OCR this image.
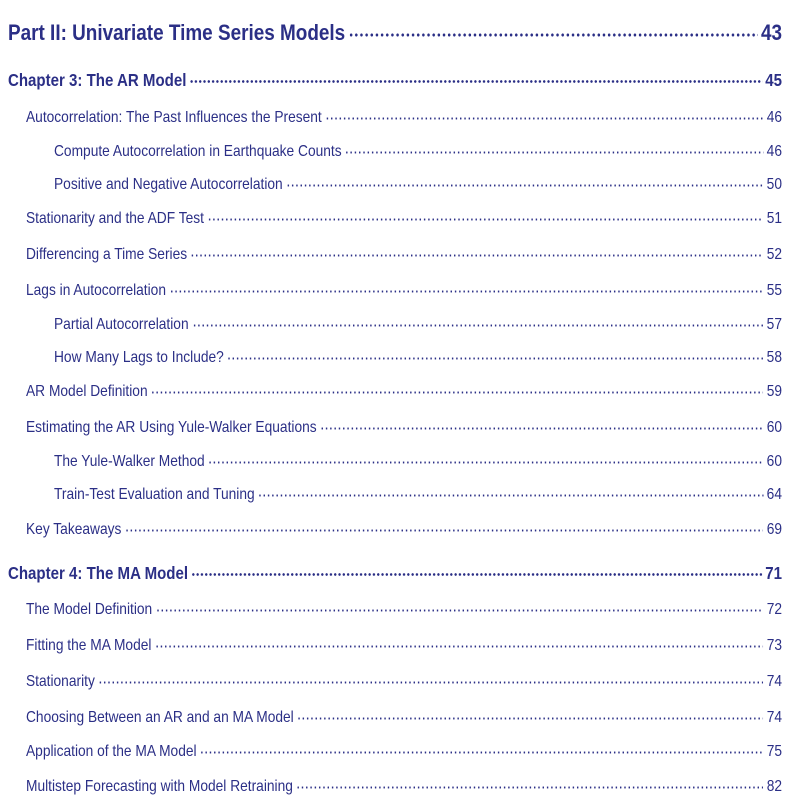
Part II: Univariate Time Series Models	43
Chapter 3: The AR Model	45
Autocorrelation: The Past Influences the Present	46
Compute Autocorrelation in Earthquake Counts	46
Positive and Negative Autocorrelation	50
Stationarity and the ADF Test	51
Differencing a Time Series	52
Lags in Autocorrelation	55
Partial Autocorrelation	57
How Many Lags to Include?	58
AR Model Definition	59
Estimating the AR Using Yule-Walker Equations	60
The Yule-Walker Method	60
Train-Test Evaluation and Tuning	64
Key Takeaways	69
Chapter 4: The MA Model	71
The Model Definition	72
Fitting the MA Model	73
Stationarity	74
Choosing Between an AR and an MA Model	74
Application of the MA Model	75
Multistep Forecasting with Model Retraining	82
